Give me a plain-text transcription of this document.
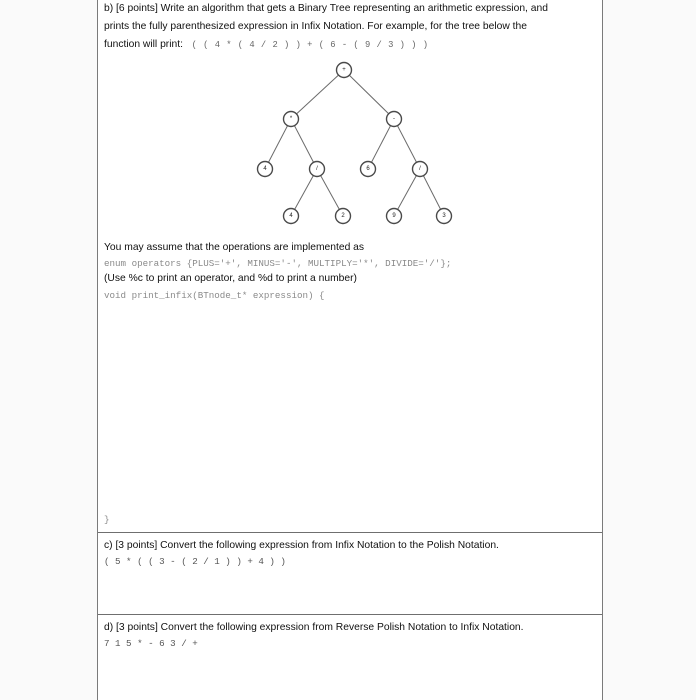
b) [6 points] Write an algorithm that gets a Binary Tree representing an arithmetic expression, and
prints the fully parenthesized expression in Infix Notation. For example, for the tree below the
function will print: ( ( 4 * ( 4 / 2 ) ) + ( 6 - ( 9 / 3 ) ) )
+
*	-
4	/	6	/
4	2	9	3
You may assume that the operations are implemented as
enum operators {PLUS='+', MINUS='-', MULTIPLY='*', DIVIDE='/'};
(Use %c to print an operator, and %d to print a number)
void print_infix(BTnode_t* expression) {
}
c) [3 points] Convert the following expression from Infix Notation to the Polish Notation.
( 5 * ( ( 3 - ( 2 / 1 ) ) + 4 ) )
d) [3 points] Convert the following expression from Reverse Polish Notation to Infix Notation.
7 1 5 * - 6 3 / +
